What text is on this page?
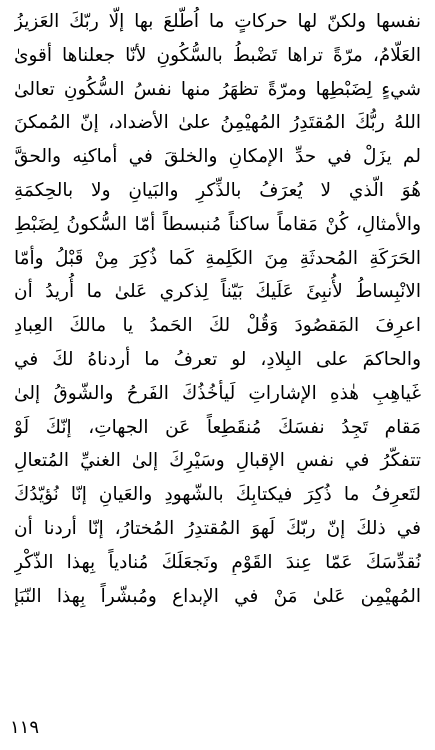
نفسها ولكنّ لها حركاتٍ ما اُطّلعَ بها إلّا ربّكَ العَزيزُ
العَلّامُ، مرّةً تراها تَضْبطُ بالسُّكُونِ لأنّا جعلناها أقوىٰ
شيءٍ لِضَبْطِها ومرّةً تظهَرُ منها نفسُ السُّكُونِ تعالىٰ
اللهُ ربُّكَ المُقتَدِرُ المُهيْمِنُ علىٰ الأضداد، إنّ المُمكنَ
لم يزَلْ في حدِّ الإمكانِ والخلقَ في أماكنِه والحقَّ
هُوَ الّذي لا يُعرَفُ بالذِّكرِ والبَيانِ ولا بالحِكمَةِ
والأمثالِ، كُنْ مَقاماً ساكناً مُنبسطاً أمّا السُّكونُ لِضَبْطِ
الحَرَكَةِ المُحدثَةِ مِنَ الكَلِمةِ كَما ذُكِرَ مِنْ قَبْلُ وأمّا
الانْبِساطُ لأُنبِئَ عَلَيكَ بَيّناً لِذكري عَلىٰ ما أُريدُ أن
اعرِفَ المَقصُودَ وَقُلْ لكَ الحَمدُ يا مالكَ العِبادِ
والحاكمَ على البِلادِ، لو تعرفُ ما أردناهُ لكَ في
غَياهِبِ هٰذهِ الإشاراتِ لَيأخُذُكَ الفَرحُ والشّوقُ إلىٰ
مَقامٍ تَجِدُ نفسَكَ مُنقَطِعاً عَنِ الجهاتِ، إنّكَ لَوْ
تتفكّرُ في نفسِ الإقبالِ وسَيْرِكَ إلىٰ الغنيِّ المُتعالِ
لتَعرِفُ ما ذُكِرَ فيكتابِكَ بالشّهودِ والعَيانِ إنّا نُؤيّدُكَ
في ذلكَ إنّ ربّكَ لَهوَ المُقتدِرُ المُختارُ، إنّا أردنا أن
نُقدِّسَكَ عَمّا عِندَ القَوْمِ ونَجعَلَكَ مُنادياً بِهذا الذّكْرِ
المُهيْمِنِ عَلىٰ مَنْ في الإبداعِ ومُبشّراً بِهذا النّبَإِ
١١٩
